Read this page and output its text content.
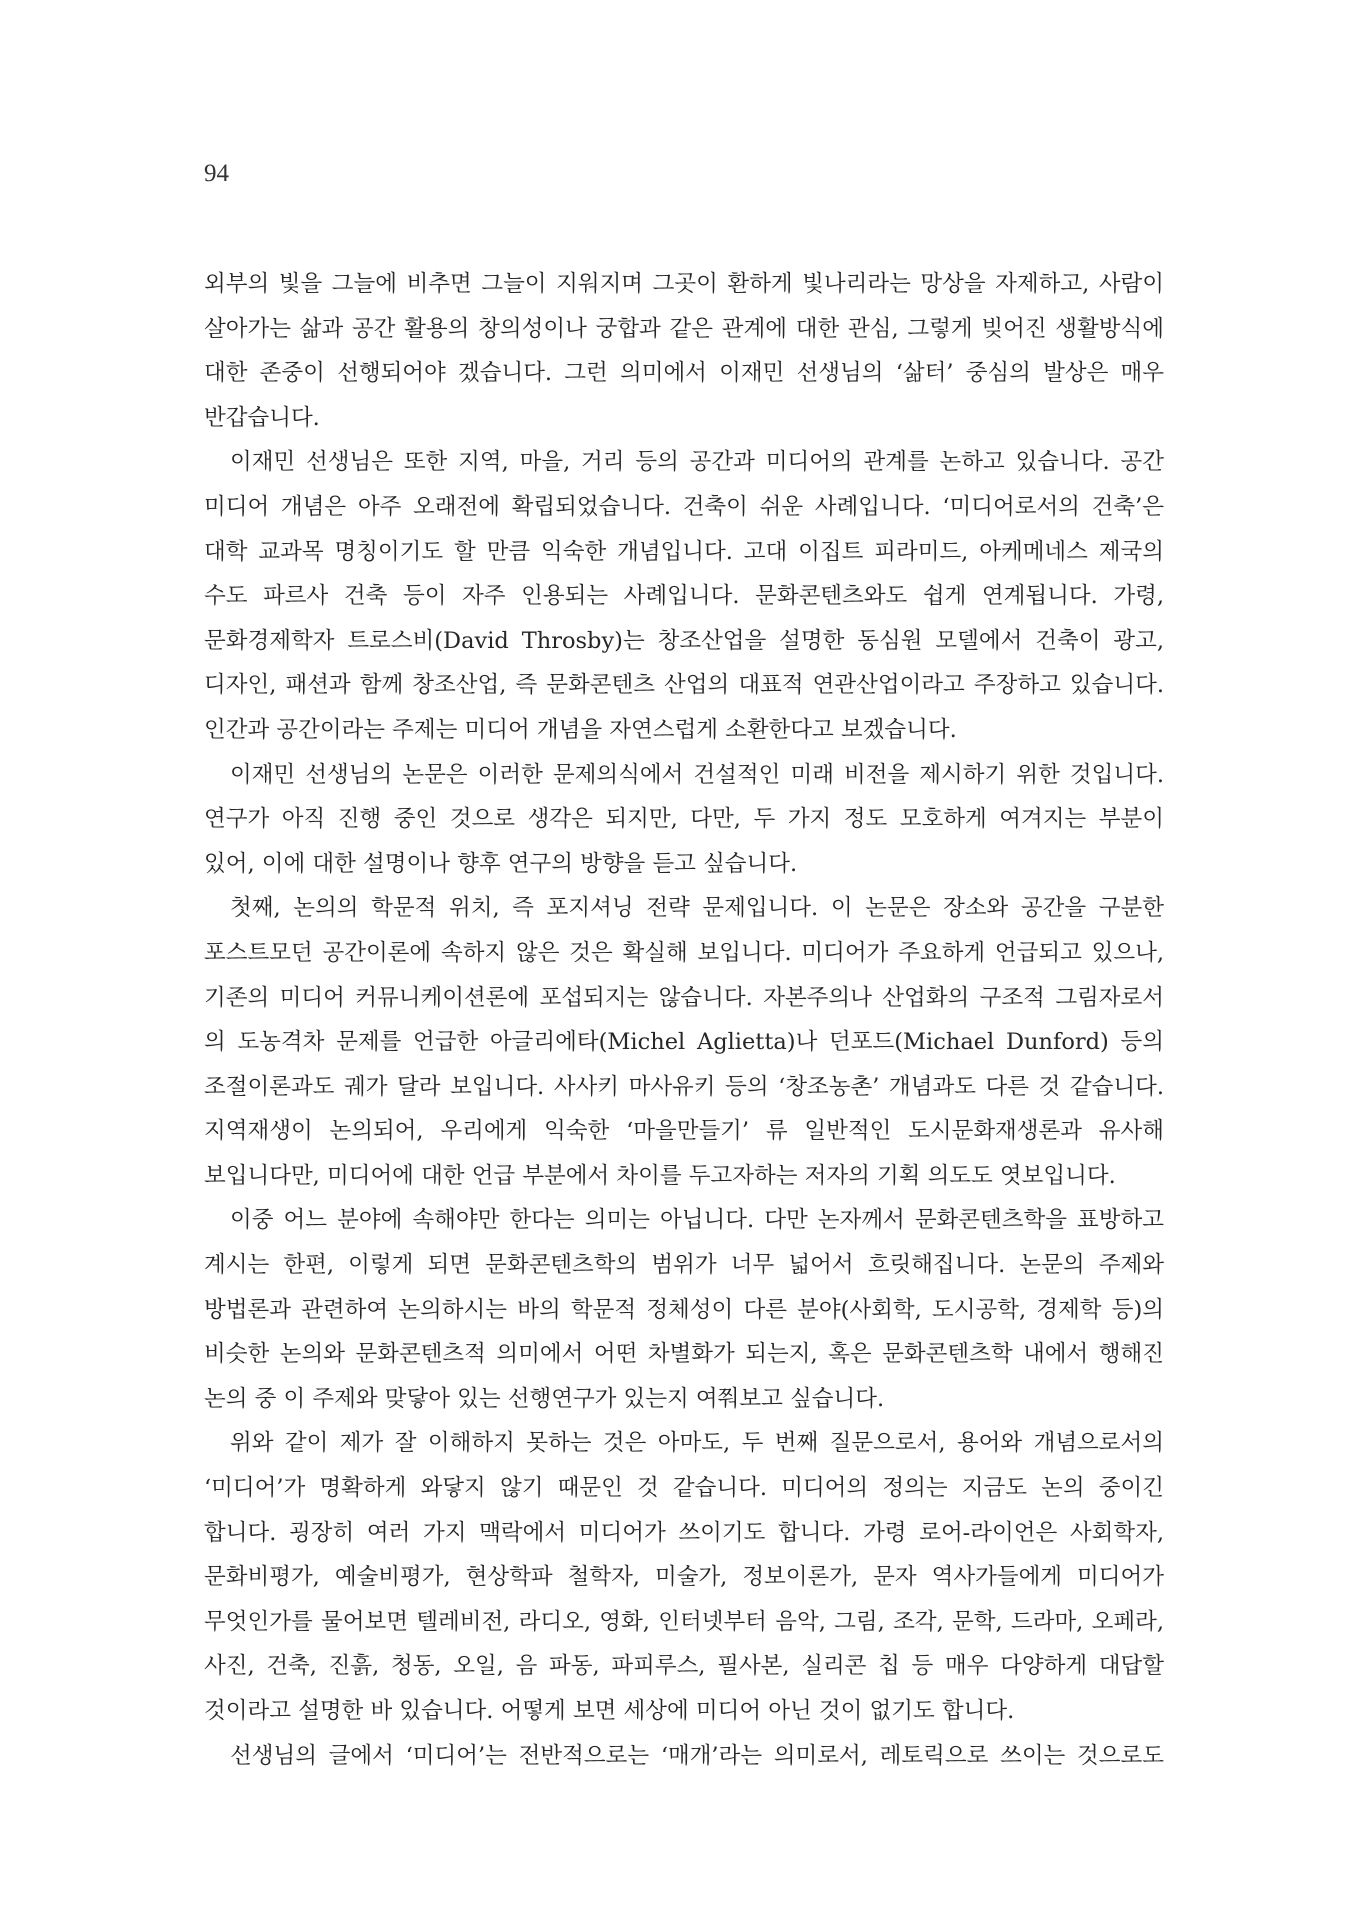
94
외부의 빛을 그늘에 비추면 그늘이 지워지며 그곳이 환하게 빛나리라는 망상을 자제하고, 사람이
살아가는 삶과 공간 활용의 창의성이나 궁합과 같은 관계에 대한 관심, 그렇게 빚어진 생활방식에
대한 존중이 선행되어야 겠습니다. 그런 의미에서 이재민 선생님의 ‘삶터’ 중심의 발상은 매우
반갑습니다.
이재민 선생님은 또한 지역, 마을, 거리 등의 공간과 미디어의 관계를 논하고 있습니다. 공간
미디어 개념은 아주 오래전에 확립되었습니다. 건축이 쉬운 사례입니다. ‘미디어로서의 건축’은
대학 교과목 명칭이기도 할 만큼 익숙한 개념입니다. 고대 이집트 피라미드, 아케메네스 제국의
수도 파르사 건축 등이 자주 인용되는 사례입니다. 문화콘텐츠와도 쉽게 연계됩니다. 가령,
문화경제학자 트로스비(David Throsby)는 창조산업을 설명한 동심원 모델에서 건축이 광고,
디자인, 패션과 함께 창조산업, 즉 문화콘텐츠 산업의 대표적 연관산업이라고 주장하고 있습니다.
인간과 공간이라는 주제는 미디어 개념을 자연스럽게 소환한다고 보겠습니다.
이재민 선생님의 논문은 이러한 문제의식에서 건설적인 미래 비전을 제시하기 위한 것입니다.
연구가 아직 진행 중인 것으로 생각은 되지만, 다만, 두 가지 정도 모호하게 여겨지는 부분이
있어, 이에 대한 설명이나 향후 연구의 방향을 듣고 싶습니다.
첫째, 논의의 학문적 위치, 즉 포지셔닝 전략 문제입니다. 이 논문은 장소와 공간을 구분한
포스트모던 공간이론에 속하지 않은 것은 확실해 보입니다. 미디어가 주요하게 언급되고 있으나,
기존의 미디어 커뮤니케이션론에 포섭되지는 않습니다. 자본주의나 산업화의 구조적 그림자로서
의 도농격차 문제를 언급한 아글리에타(Michel Aglietta)나 던포드(Michael Dunford) 등의
조절이론과도 궤가 달라 보입니다. 사사키 마사유키 등의 ‘창조농촌’ 개념과도 다른 것 같습니다.
지역재생이 논의되어, 우리에게 익숙한 ‘마을만들기’ 류 일반적인 도시문화재생론과 유사해
보입니다만, 미디어에 대한 언급 부분에서 차이를 두고자하는 저자의 기획 의도도 엿보입니다.
이중 어느 분야에 속해야만 한다는 의미는 아닙니다. 다만 논자께서 문화콘텐츠학을 표방하고
계시는 한편, 이렇게 되면 문화콘텐츠학의 범위가 너무 넓어서 흐릿해집니다. 논문의 주제와
방법론과 관련하여 논의하시는 바의 학문적 정체성이 다른 분야(사회학, 도시공학, 경제학 등)의
비슷한 논의와 문화콘텐츠적 의미에서 어떤 차별화가 되는지, 혹은 문화콘텐츠학 내에서 행해진
논의 중 이 주제와 맞닿아 있는 선행연구가 있는지 여쭤보고 싶습니다.
위와 같이 제가 잘 이해하지 못하는 것은 아마도, 두 번째 질문으로서, 용어와 개념으로서의
‘미디어’가 명확하게 와닿지 않기 때문인 것 같습니다. 미디어의 정의는 지금도 논의 중이긴
합니다. 굉장히 여러 가지 맥락에서 미디어가 쓰이기도 합니다. 가령 로어-라이언은 사회학자,
문화비평가, 예술비평가, 현상학파 철학자, 미술가, 정보이론가, 문자 역사가들에게 미디어가
무엇인가를 물어보면 텔레비전, 라디오, 영화, 인터넷부터 음악, 그림, 조각, 문학, 드라마, 오페라,
사진, 건축, 진흙, 청동, 오일, 음 파동, 파피루스, 필사본, 실리콘 칩 등 매우 다양하게 대답할
것이라고 설명한 바 있습니다. 어떻게 보면 세상에 미디어 아닌 것이 없기도 합니다.
선생님의 글에서 ‘미디어’는 전반적으로는 ‘매개’라는 의미로서, 레토릭으로 쓰이는 것으로도
